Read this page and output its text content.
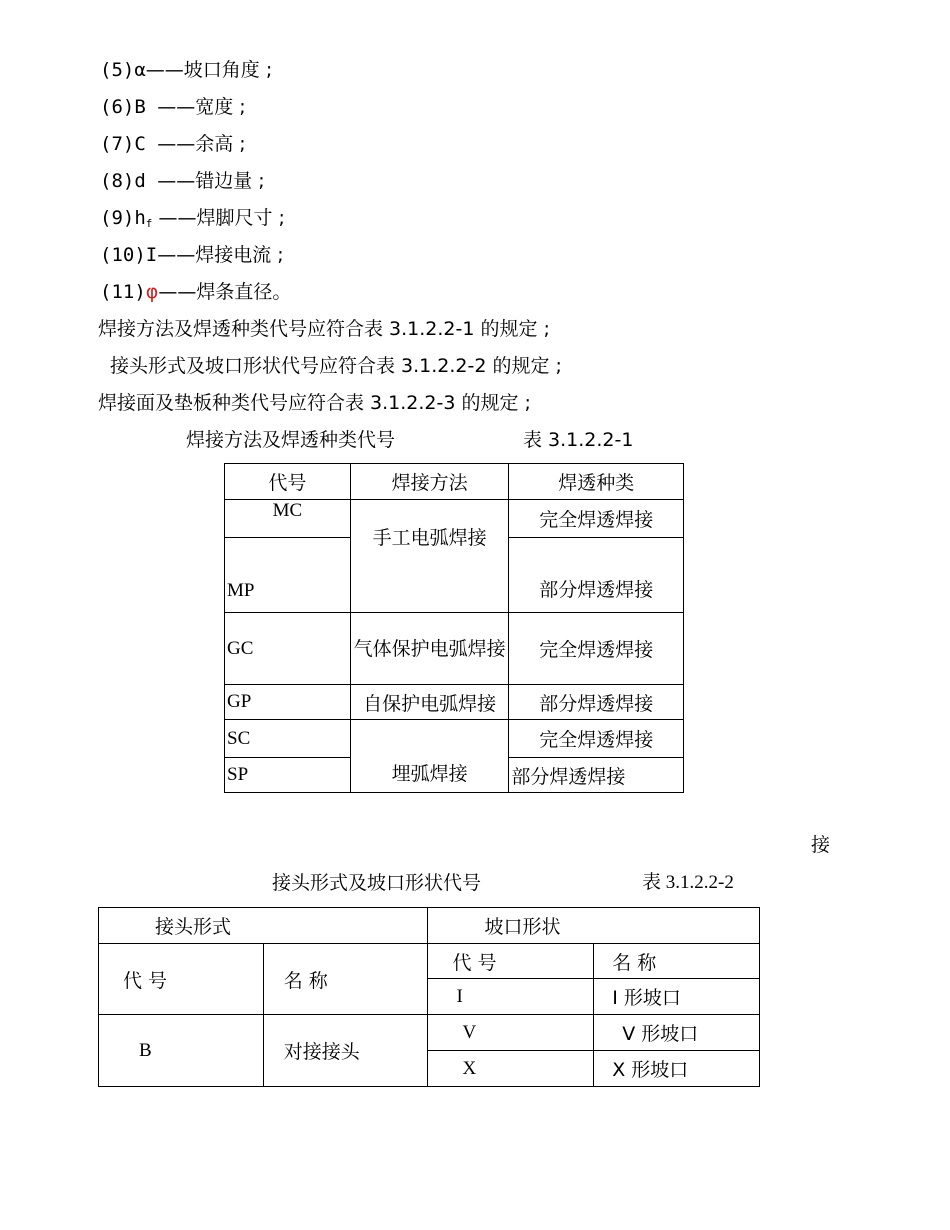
(5)α——坡口角度 ;
(6)B ——宽度 ;
(7)C ——余高 ;
(8)d ——错边量 ;
$(9)h_f$ ——焊脚尺寸 ;
(10)I——焊接电流 ;
(11)φ——焊条直径。
焊接方法及焊透种类代号应符合表 3.1.2.2-1 的规定 ;
接头形式及坡口形状代号应符合表 3.1.2.2-2 的规定 ;
焊接面及垫板种类代号应符合表 3.1.2.2-3 的规定 ;
焊接方法及焊透种类代号	表 3.1.2.2-1
代号	焊接方法	焊透种类
MC	手工电弧焊接	完全焊透焊接
MP		部分焊透焊接
GC	气体保护电弧焊接	完全焊透焊接
GP	自保护电弧焊接	部分焊透焊接
SC	埋弧焊接	完全焊透焊接
SP		部分焊透焊接
接
接头形式及坡口形状代号	表 3.1.2.2-2
接头形式		坡口形状	
代 号	名 称	代 号	名 称
		I	I 形坡口
B	对接接头	V	V 形坡口
		X	X 形坡口
